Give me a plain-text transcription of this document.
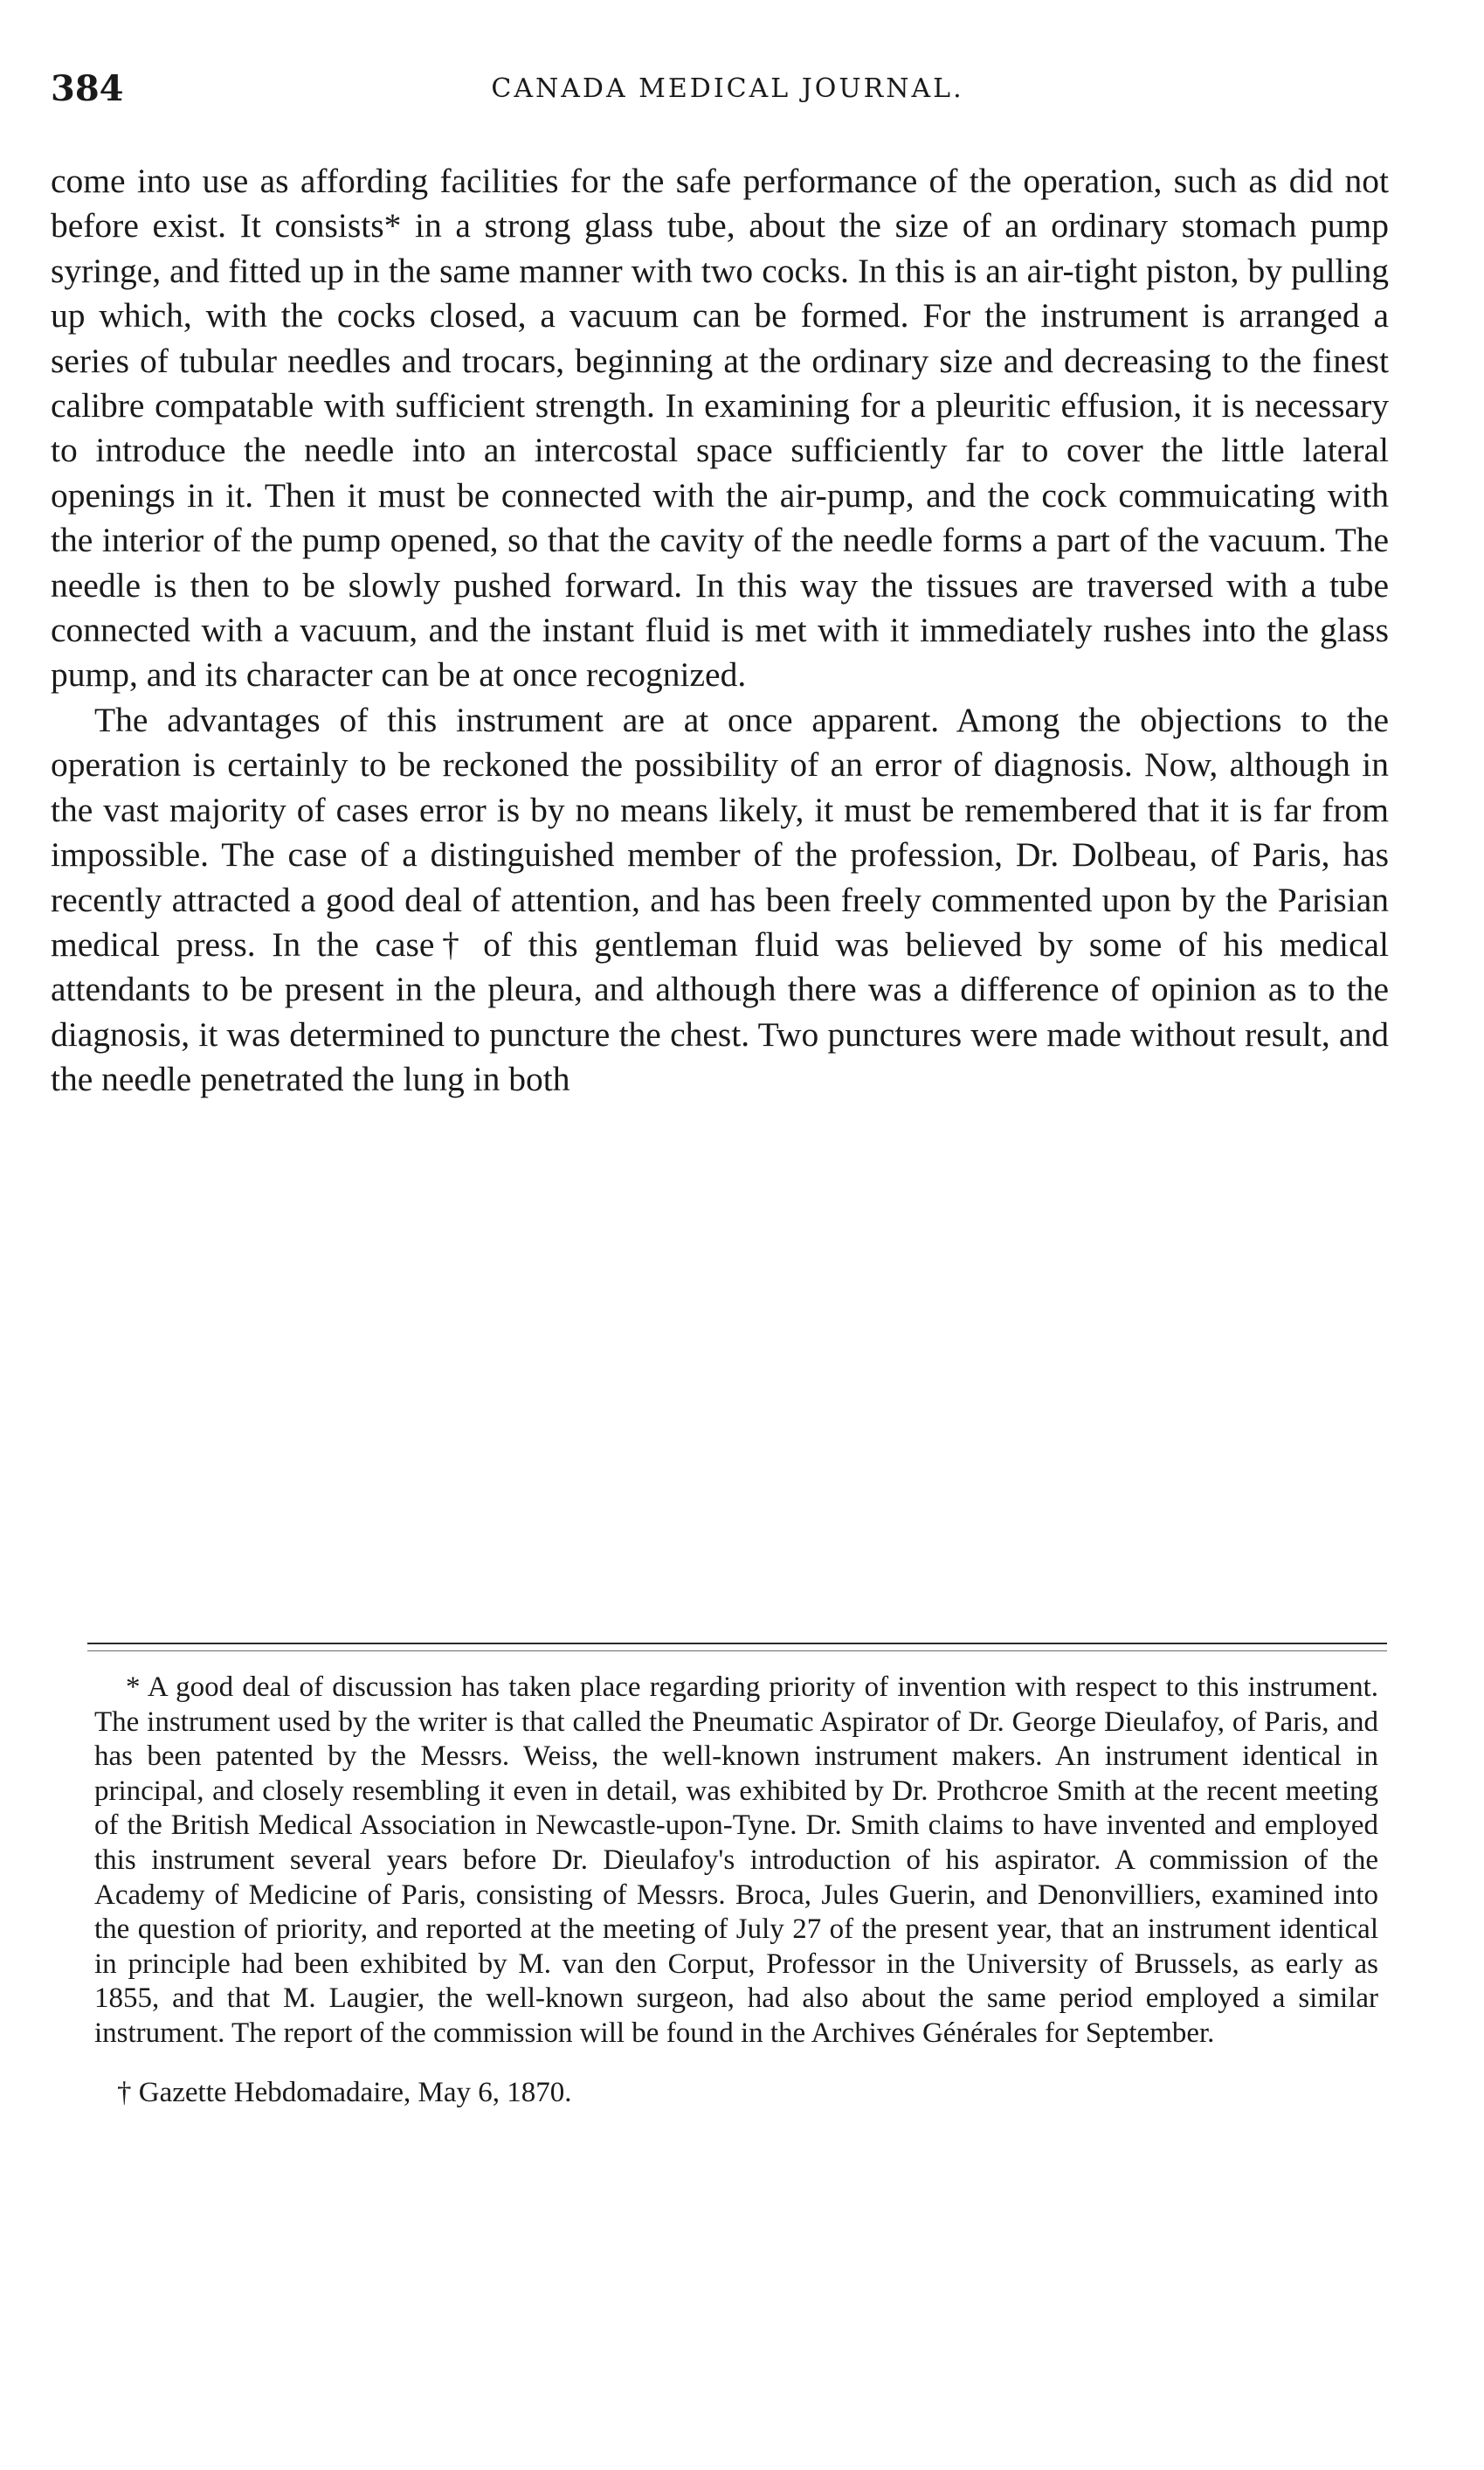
384	CANADA MEDICAL JOURNAL.

come into use as affording facilities for the safe performance of the operation, such as did not before exist. It consists* in a strong glass tube, about the size of an ordinary stomach pump syringe, and fitted up in the same manner with two cocks. In this is an air-tight piston, by pulling up which, with the cocks closed, a vacuum can be formed. For the instrument is arranged a series of tubular needles and trocars, beginning at the ordinary size and decreasing to the finest calibre compatable with sufficient strength. In examining for a pleuritic effusion, it is necessary to introduce the needle into an intercostal space sufficiently far to cover the little lateral openings in it. Then it must be connected with the air-pump, and the cock commuicating with the interior of the pump opened, so that the cavity of the needle forms a part of the vacuum. The needle is then to be slowly pushed forward. In this way the tissues are traversed with a tube connected with a vacuum, and the instant fluid is met with it immediately rushes into the glass pump, and its character can be at once recognized.

The advantages of this instrument are at once apparent. Among the objections to the operation is certainly to be reckoned the possibility of an error of diagnosis. Now, although in the vast majority of cases error is by no means likely, it must be remembered that it is far from impossible. The case of a distinguished member of the profession, Dr. Dolbeau, of Paris, has recently attracted a good deal of attention, and has been freely commented upon by the Parisian medical press. In the case† of this gentleman fluid was believed by some of his medical attendants to be present in the pleura, and although there was a difference of opinion as to the diagnosis, it was determined to puncture the chest. Two punctures were made without result, and the needle penetrated the lung in both

* A good deal of discussion has taken place regarding priority of invention with respect to this instrument. The instrument used by the writer is that called the Pneumatic Aspirator of Dr. George Dieulafoy, of Paris, and has been patented by the Messrs. Weiss, the well-known instrument makers. An instrument identical in principal, and closely resembling it even in detail, was exhibited by Dr. Prothcroe Smith at the recent meeting of the British Medical Association in Newcastle-upon-Tyne. Dr. Smith claims to have invented and employed this instrument several years before Dr. Dieulafoy's introduction of his aspirator. A commission of the Academy of Medicine of Paris, consisting of Messrs. Broca, Jules Guerin, and Denonvilliers, examined into the question of priority, and reported at the meeting of July 27 of the present year, that an instrument identical in principle had been exhibited by M. van den Corput, Professor in the University of Brussels, as early as 1855, and that M. Laugier, the well-known surgeon, had also about the same period employed a similar instrument. The report of the commission will be found in the Archives Générales for September.

† Gazette Hebdomadaire, May 6, 1870.
